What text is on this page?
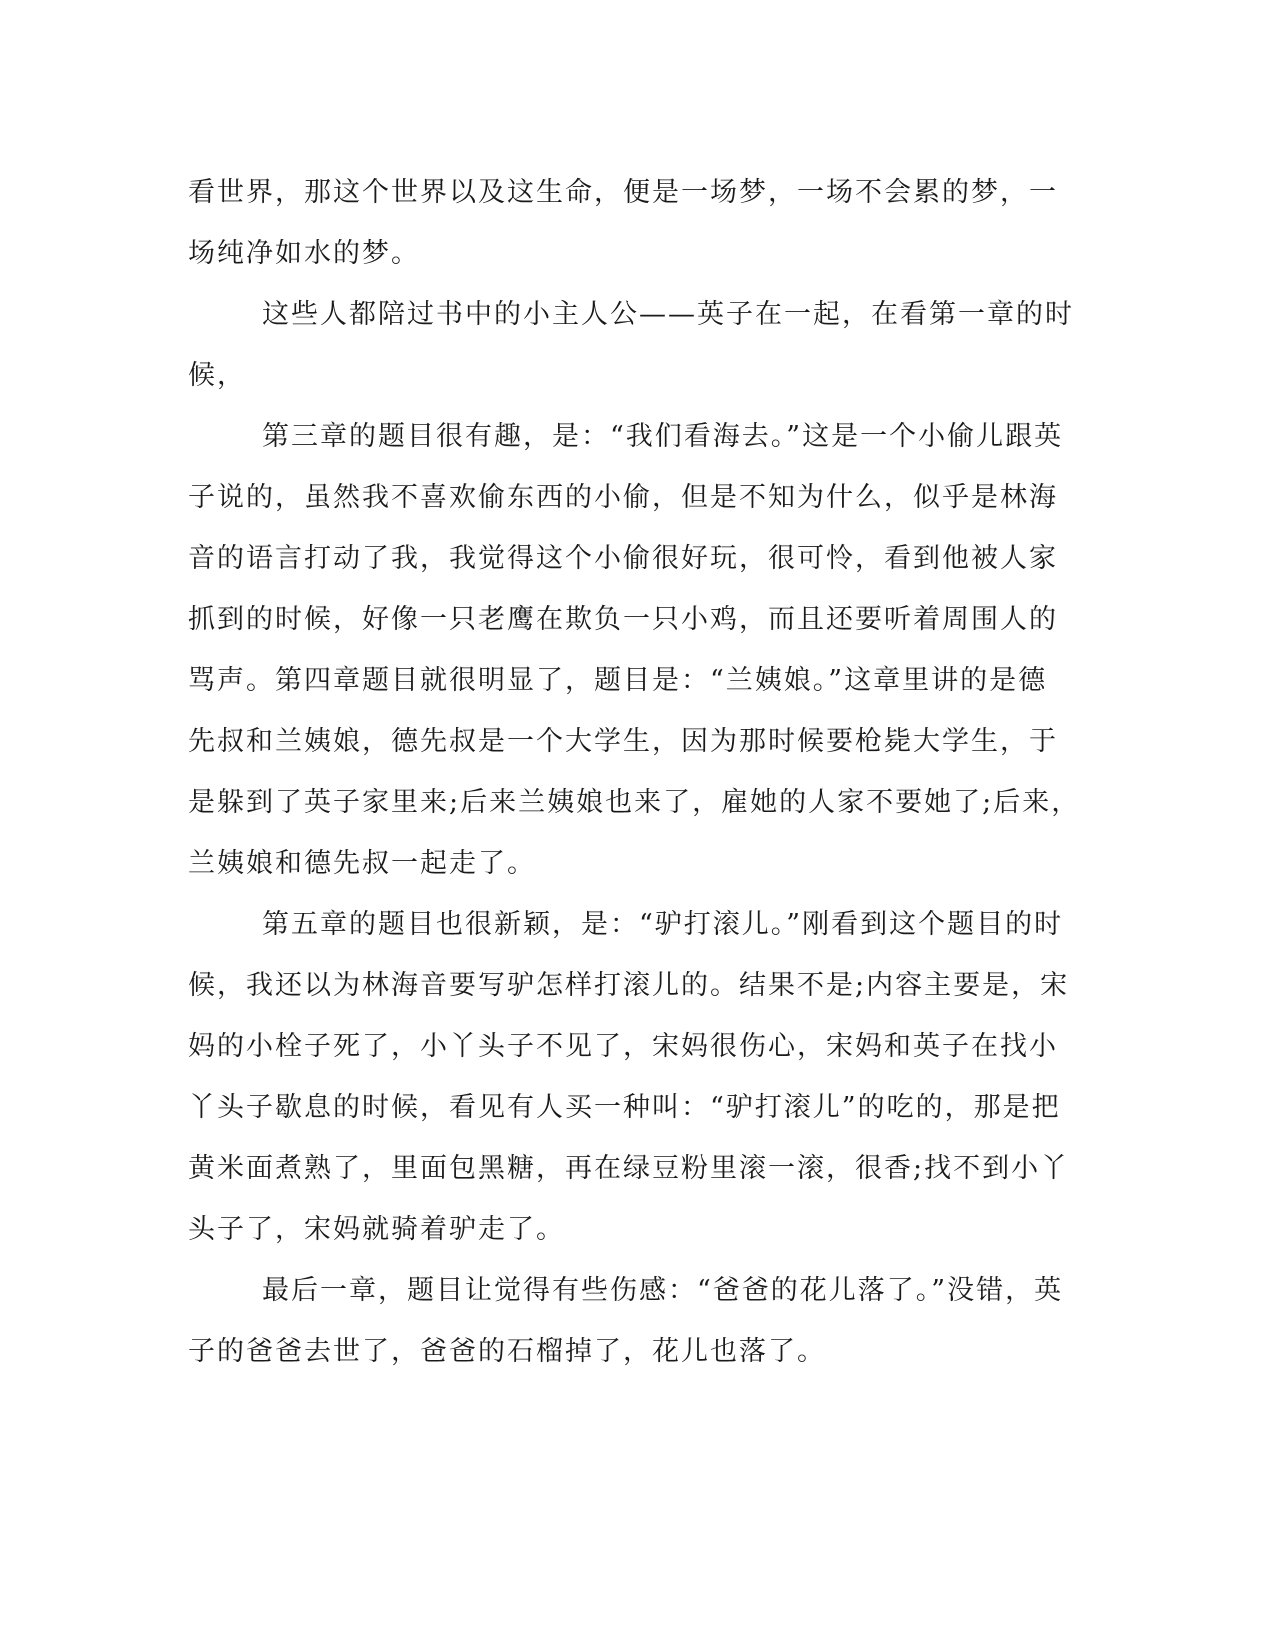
看世界，那这个世界以及这生命，便是一场梦，一场不会累的梦，一
场纯净如水的梦。
这些人都陪过书中的小主人公——英子在一起，在看第一章的时
候，
第三章的题目很有趣，是：“我们看海去。”这是一个小偷儿跟英
子说的，虽然我不喜欢偷东西的小偷，但是不知为什么，似乎是林海
音的语言打动了我，我觉得这个小偷很好玩，很可怜，看到他被人家
抓到的时候，好像一只老鹰在欺负一只小鸡，而且还要听着周围人的
骂声。第四章题目就很明显了，题目是：“兰姨娘。”这章里讲的是德
先叔和兰姨娘，德先叔是一个大学生，因为那时候要枪毙大学生，于
是躲到了英子家里来;后来兰姨娘也来了，雇她的人家不要她了;后来，
兰姨娘和德先叔一起走了。
第五章的题目也很新颖，是：“驴打滚儿。”刚看到这个题目的时
候，我还以为林海音要写驴怎样打滚儿的。结果不是;内容主要是，宋
妈的小栓子死了，小丫头子不见了，宋妈很伤心，宋妈和英子在找小
丫头子歇息的时候，看见有人买一种叫：“驴打滚儿”的吃的，那是把
黄米面煮熟了，里面包黑糖，再在绿豆粉里滚一滚，很香;找不到小丫
头子了，宋妈就骑着驴走了。
最后一章，题目让觉得有些伤感：“爸爸的花儿落了。”没错，英
子的爸爸去世了，爸爸的石榴掉了，花儿也落了。
